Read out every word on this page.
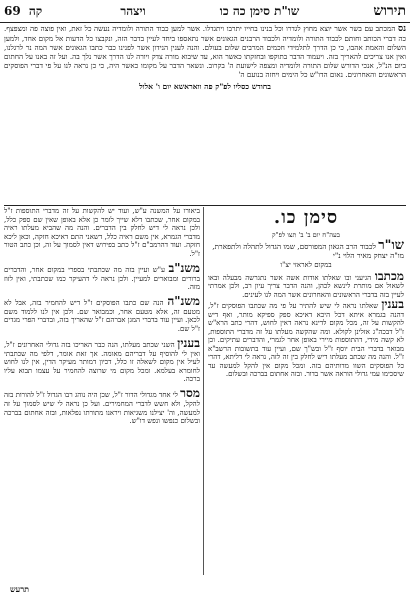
תירוש
שו"ת סימן כה כו
ויצהר
69 קה
נס המכתב עם בשר אשר יוצא מחוץ לגדרו וכל בנינו בחייו יתרבו ויתגדלו. אשר למען כבוד התורה ולומדיה נעשה כל זאת, ואין פוצה פה ומצפצף. כה דברי הכותב וחותם לכבוד התורה ולומדיה ולכבוד הרבנים הגאונים אשר נתאספו ביחד לעיין בדבר הזה, ונקבצו כל הדעות אל מקום אחד, ולמען השלום והאמת אהבו, כי כן הדרך לתלמידי חכמים המרבים שלום בעולם. והנה לענין הנידון אשר לפנינו כבר כתבו הגאונים אשר המה נר לרגלנו, ואין אנו צריכים להאריך בזה. ויעמוד הדבר בתוקפו ובחזקתו כאשר הוא, עד שיבוא מורה צדק ויורה לנו הדרך אשר נלך בה. ועל זה באנו על החתום ביום הנ"ל, אנכי הדורש שלום התורה ולומדיה ומצפה לישועת ה' בקרוב. ונשאר הדבר על מקומו כאשר היה, כי כן נראה לנו על פי דברי הפוסקים הראשונים והאחרונים. נאום הדו"ש כל הימים ויחזה בנועם ה'
בחודש כסליו לפ"ק פה וואראשא יום ו' אלול
סימן כו.
בעה"ח יום ב' ב' תצו לפ"ק
שו"ר לכבוד הרב הגאון המפורסם, שמו הגדול לתהלה ולתפארת, מו"ה יצחק מאיר הלוי נ"י
במקום לאראזי יצ"ו

מכתבו הגיעני ובו שאלתו אודות אשה אשר נתגרשה מבעלה ובאו לשאול אם מותרת לינשא לכהן, והנה הדבר צריך עיון רב, ולכן אמרתי לעיין בזה בדברי הראשונים והאחרונים אשר המה לנו לעינים.

בענין שאלתו נראה לי שיש להתיר על פי מה שכתבו הפוסקים ז"ל, דהנה בגמרא איתא דכל היכא דאיכא ספק ספיקא מותר, ואף דיש להקשות על זה, מכל מקום לדינא נראה דאין לחוש, דהרי כתב הרא"ש ז"ל דבכה"ג אזלינן לקולא. ומה שהקשה מעלתו על זה מדברי התוספות, לא קשה מידי, דהתוספות מיירי באופן אחר לגמרי, והדברים עתיקים. וכן מבואר בדברי הבית יוסף ז"ל ובש"ך שם, ועיין עוד בתשובות הרשב"א ז"ל. והנה מה שכתב מעלתו דיש לחלק בין זה לזה, נראה לי דליתא, דהרי כל הפוסקים השוו מדותיהם בזה. ומכל מקום אין להקל למעשה עד שיסכימו עמי גדולי הוראה אשר בדור. ובזה אחתום בברכה ובשלום.

ביאורו על המשנה ע"ש, ועוד יש להקשות על זה מדברי התוספות ז"ל במקום אחר, שכתבו דלא שייך לומר כן אלא באופן שאין שם ספק כלל, ולכן נראה לי דיש לחלק בין הדברים. והנה מה שהביא מעלתו ראיה מדברי הגמרא, אין משם ראיה כלל, דשאני התם דאיכא חזקה, וכאן ליכא חזקה. ועוד דהרמב"ם ז"ל כתב בפירוש דאין לסמוך על זה, וכן כתב הטור ז"ל.

משנ"ב ע"ש ועיין בזה מה שכתבתי בספרי במקום אחר, והדברים ברורים ומבוארים למעיין. ולכן נראה לי דהעיקר כמו שכתבתי, ואין לזוז מזה.

משנ"ה הנה שם כתבו הפוסקים ז"ל דיש להחמיר בזה, אבל לא מטעם זה, אלא מטעם אחר, וכמבואר שם. ולכן אין לנו ללמוד משם לכאן. ועיין עוד בדברי המגן אברהם ז"ל שהאריך בזה, ובדברי הפרי מגדים ז"ל שם.

בענין השני שכתב מעלתו, הנה כבר האריכו בזה גדולי האחרונים ז"ל, ואין לי להוסיף על דבריהם מאומה. אך זאת אומר, דלפי מה שכתבתי לעיל אין מקום לשאלה זו כלל, דכיון דמותר מעיקר הדין, אין לנו לחוש לחומרא בעלמא. ומכל מקום מי שרוצה להחמיר על עצמו תבוא עליו ברכה.

מסר לי אחד מגדולי הדור ז"ל, שכן היה נוהג רבו הגדול ז"ל להורות בזה להקל, ולא חשש לדברי המחמירים. ועל כן נראה לי שיש לסמוך על זה למעשה, וה' יצילנו משגיאות ויראנו מתורתו נפלאות, ובזה אחתום בברכה ובשלום כנפשו ונפש דו"ש.

תרעש
